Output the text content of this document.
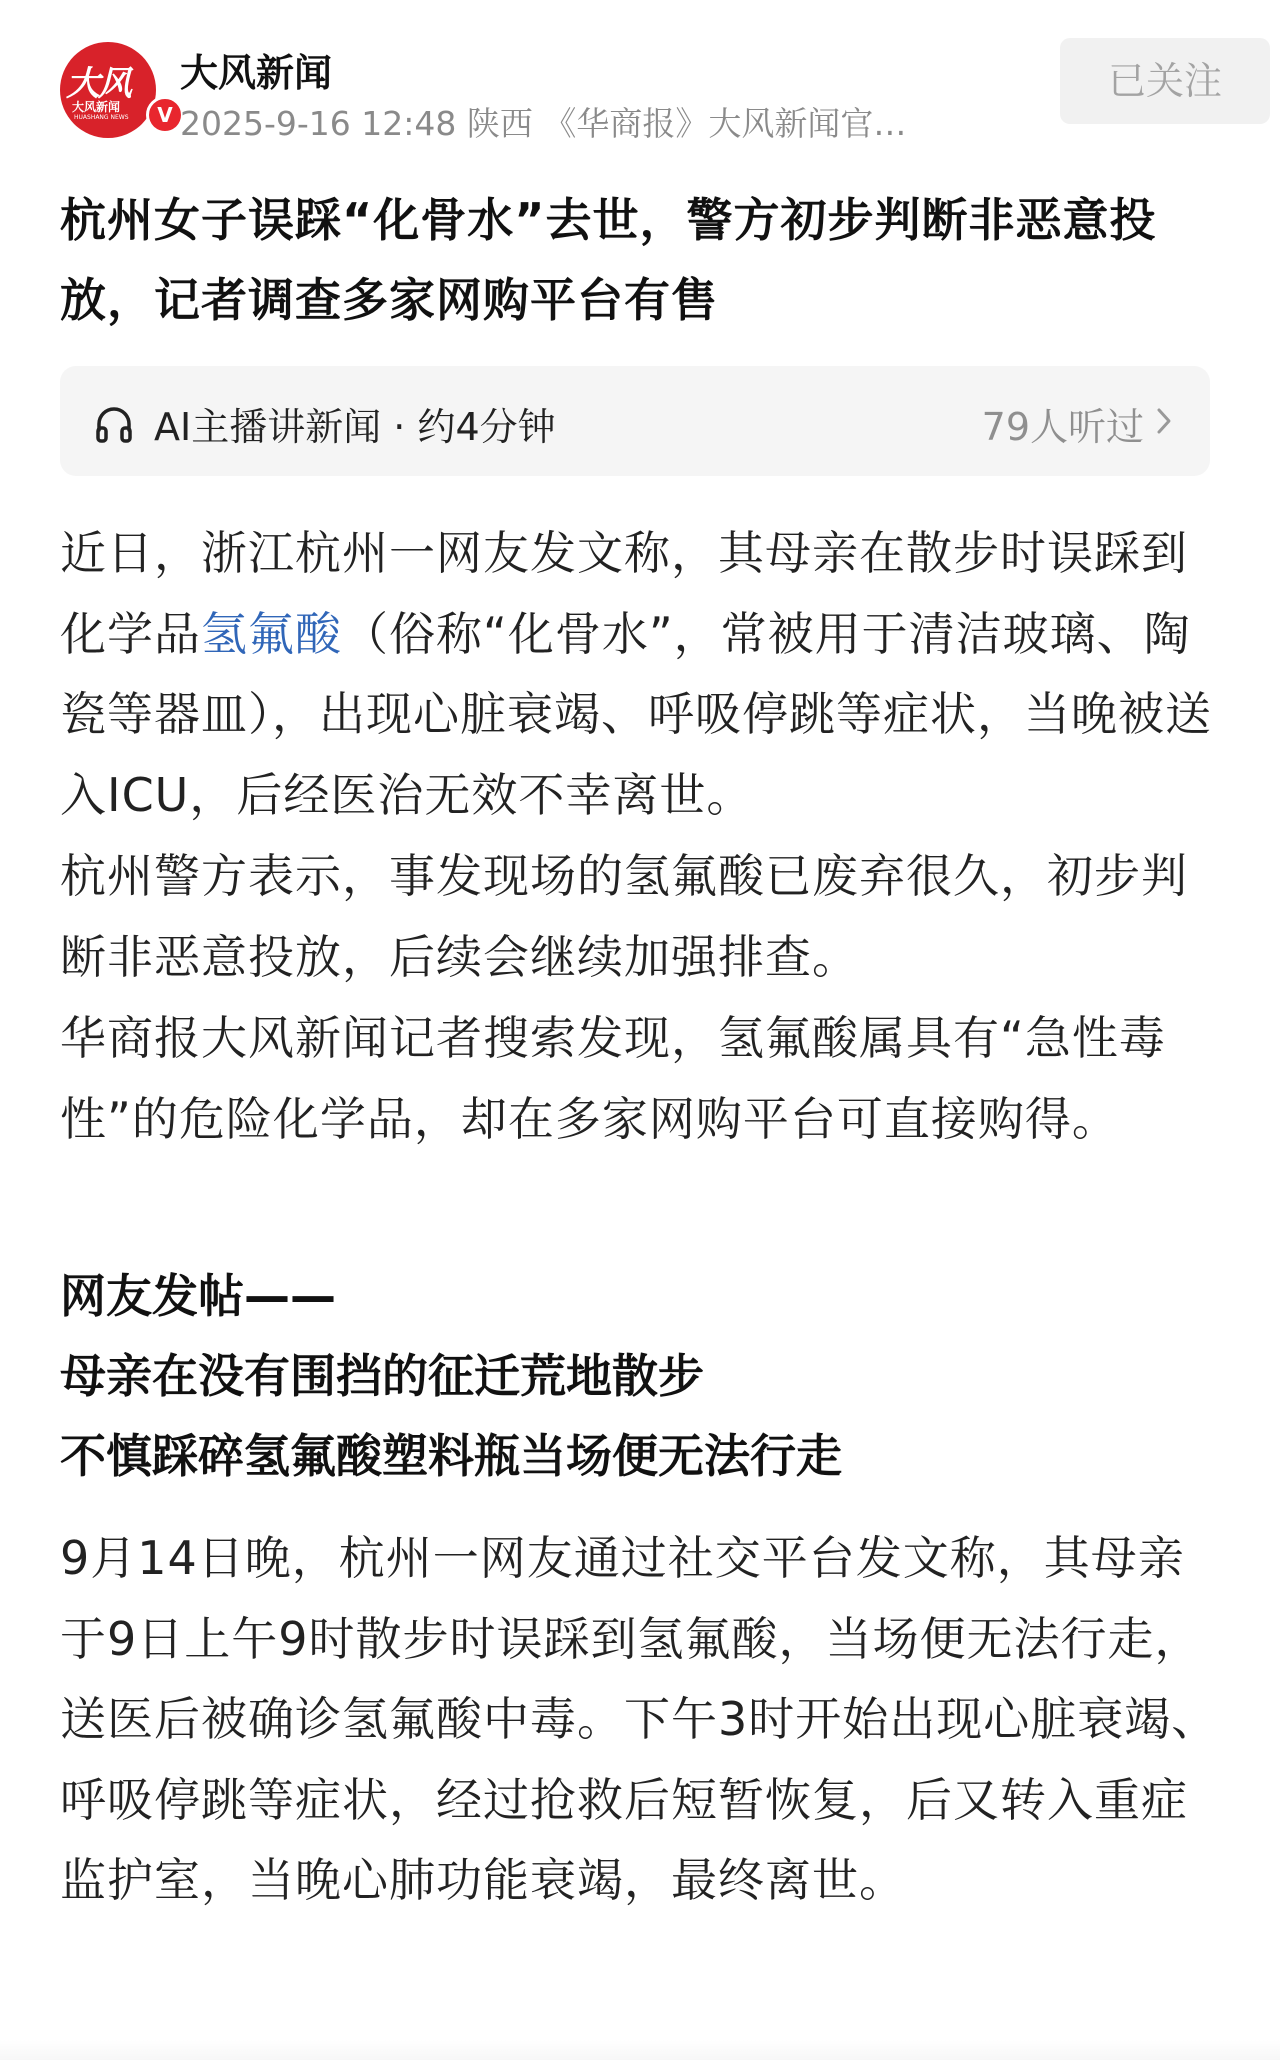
大风
大风新闻
HUASHANG NEWS	V
大风新闻
2025-9-16 12:48 陕西 《华商报》大风新闻官…
已关注
杭州女子误踩“化骨水”去世，警方初步判断非恶意投放，记者调查多家网购平台有售
AI主播讲新闻 · 约4分钟	79人听过
近日，浙江杭州一网友发文称，其母亲在散步时误踩到化学品氢氟酸（俗称“化骨水”，常被用于清洁玻璃、陶瓷等器皿），出现心脏衰竭、呼吸停跳等症状，当晚被送入ICU，后经医治无效不幸离世。
杭州警方表示，事发现场的氢氟酸已废弃很久，初步判断非恶意投放，后续会继续加强排查。
华商报大风新闻记者搜索发现，氢氟酸属具有“急性毒性”的危险化学品，却在多家网购平台可直接购得。
网友发帖——
母亲在没有围挡的征迁荒地散步
不慎踩碎氢氟酸塑料瓶当场便无法行走
9月14日晚，杭州一网友通过社交平台发文称，其母亲于9日上午9时散步时误踩到氢氟酸，当场便无法行走，送医后被确诊氢氟酸中毒。下午3时开始出现心脏衰竭、呼吸停跳等症状，经过抢救后短暂恢复，后又转入重症监护室，当晚心肺功能衰竭，最终离世。
